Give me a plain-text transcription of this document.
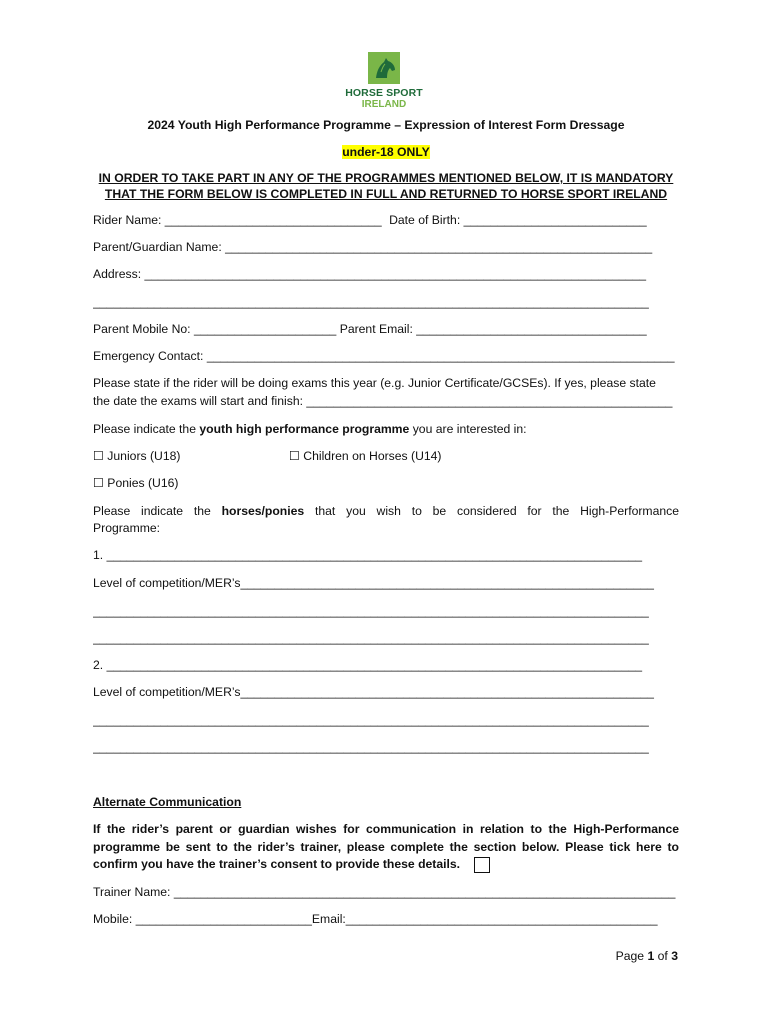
HORSE SPORT
IRELAND
2024 Youth High Performance Programme – Expression of Interest Form Dressage
under-18 ONLY
IN ORDER TO TAKE PART IN ANY OF THE PROGRAMMES MENTIONED BELOW, IT IS MANDATORY
THAT THE FORM BELOW IS COMPLETED IN FULL AND RETURNED TO HORSE SPORT IRELAND
Rider Name: ________________________________ Date of Birth: ___________________________
Parent/Guardian Name: _______________________________________________________________
Address: __________________________________________________________________________
__________________________________________________________________________________
Parent Mobile No: _____________________ Parent Email: __________________________________
Emergency Contact: _____________________________________________________________________
Please state if the rider will be doing exams this year (e.g. Junior Certificate/GCSEs). If yes, please state
the date the exams will start and finish: ______________________________________________________
Please indicate the youth high performance programme you are interested in:
☐ Juniors (U18)	☐ Children on Horses (U14)
☐ Ponies (U16)
Please indicate the horses/ponies that you wish to be considered for the High-Performance
Programme:
1. _______________________________________________________________________________
Level of competition/MER’s_____________________________________________________________
__________________________________________________________________________________
__________________________________________________________________________________
2. _______________________________________________________________________________
Level of competition/MER’s_____________________________________________________________
__________________________________________________________________________________
__________________________________________________________________________________
Alternate Communication
If the rider’s parent or guardian wishes for communication in relation to the High-Performance
programme be sent to the rider’s trainer, please complete the section below. Please tick here to
confirm you have the trainer’s consent to provide these details.
Trainer Name: __________________________________________________________________________
Mobile: __________________________Email:______________________________________________
Page 1 of 3
